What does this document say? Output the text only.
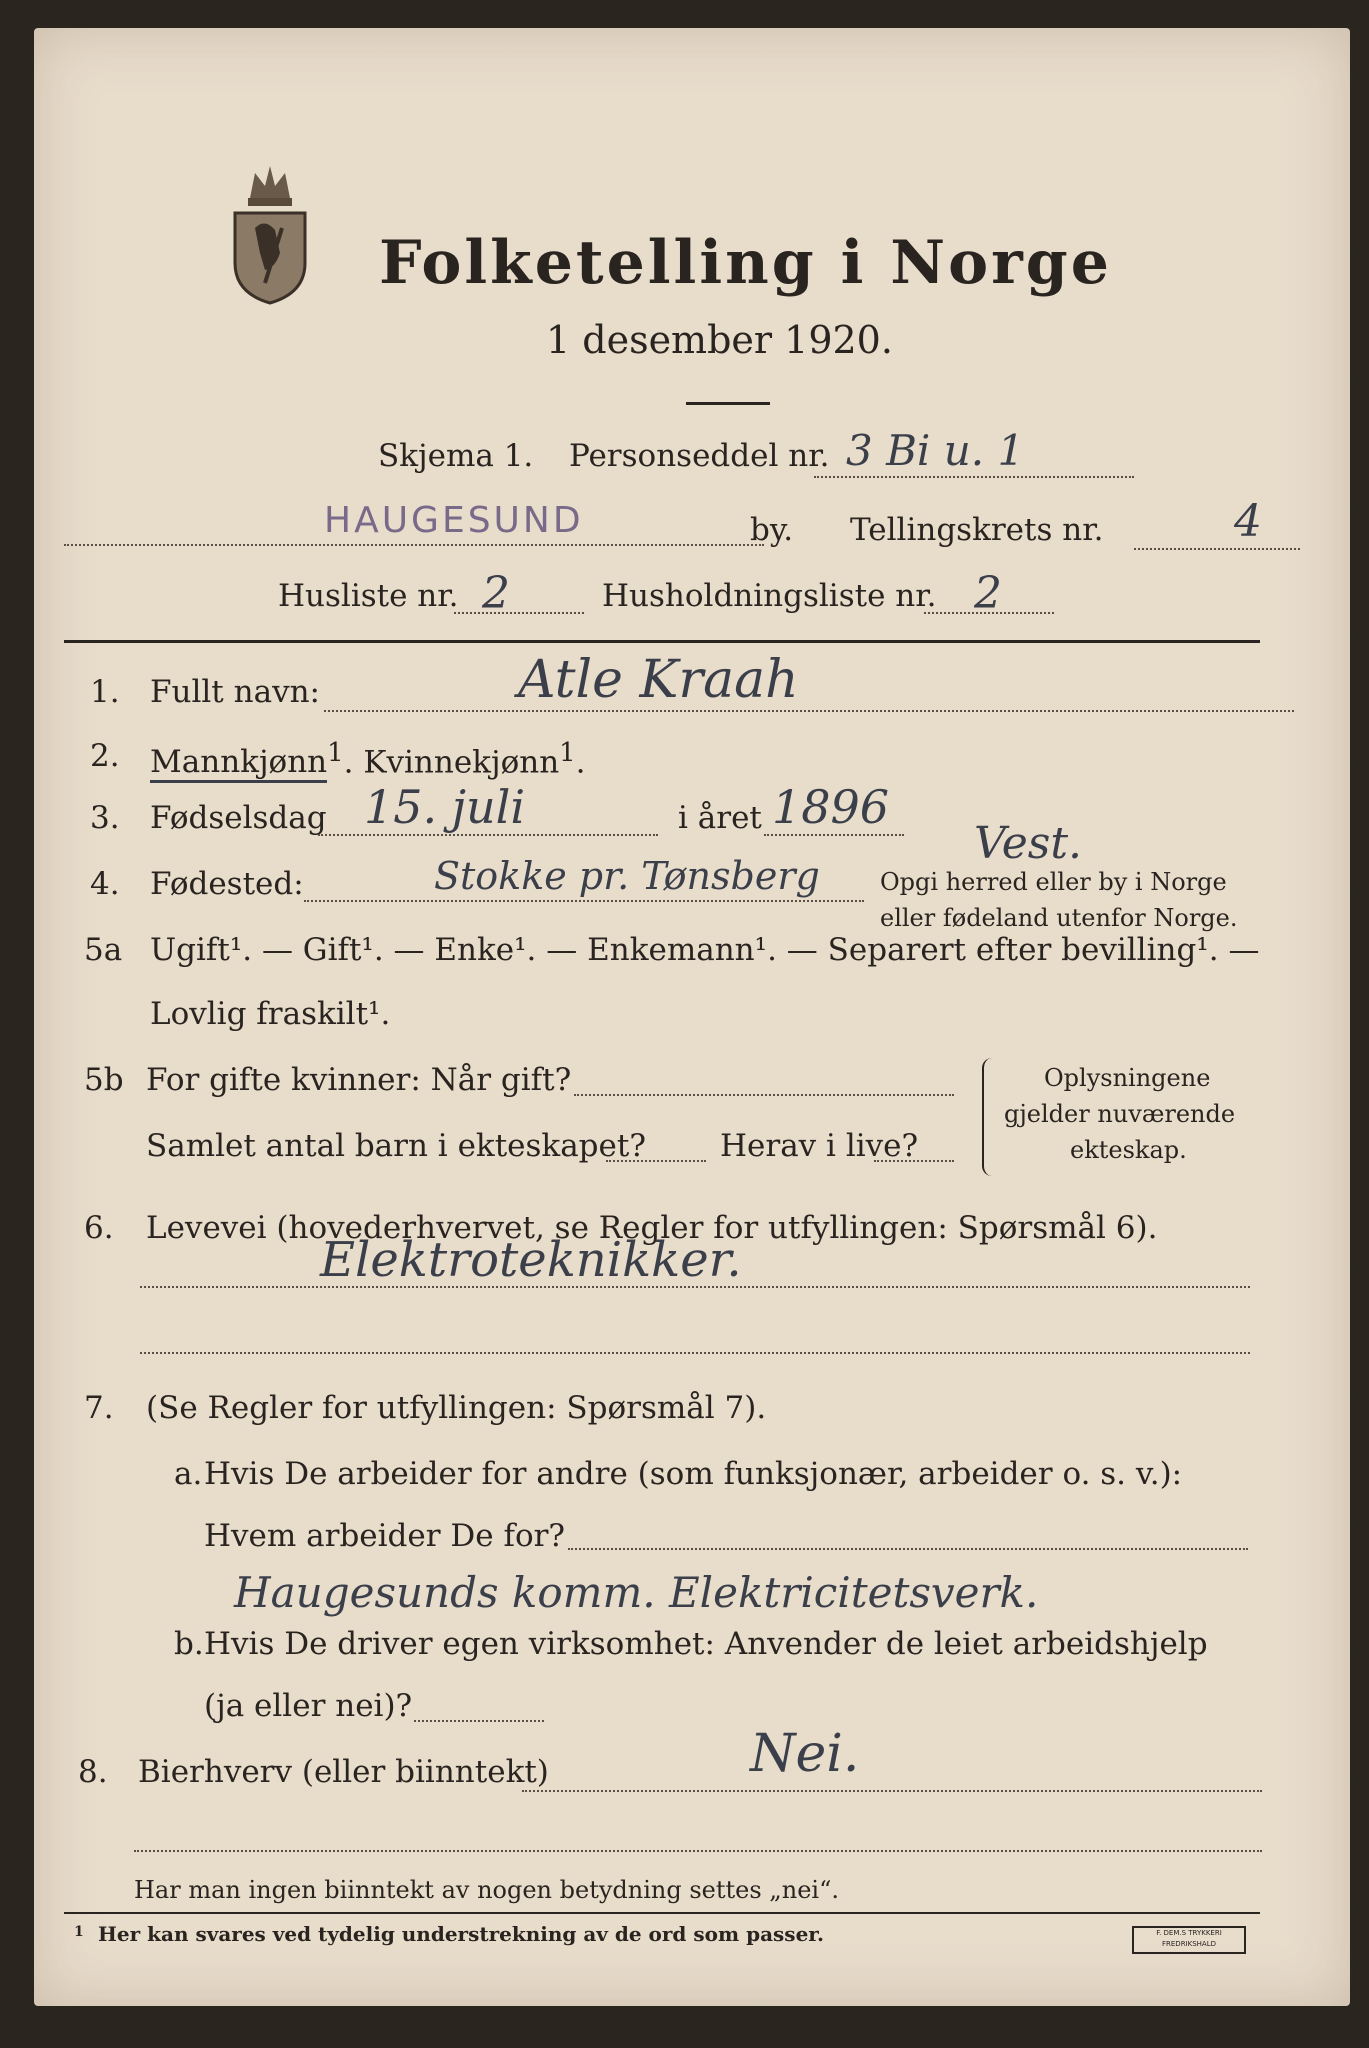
Folketelling i Norge
1 desember 1920.
Skjema 1. Personseddel nr. 3 Bi u. 1
HAUGESUND	by. Tellingskrets nr.	4
Husliste nr. 2	Husholdningsliste nr. 2
1. Fullt navn:	Atle Kraah
2. Mannkjønn$^1$. Kvinnekjønn$^1$.
3. Fødselsdag 15. juli	i året 1896
Vest.
4. Fødested:	Stokke pr. Tønsberg	Opgi herred eller by i Norge
eller fødeland utenfor Norge.
5a Ugift¹. — Gift¹. — Enke¹. — Enkemann¹. — Separert efter bevilling¹. —
Lovlig fraskilt¹.
5b For gifte kvinner: Når gift?
Samlet antal barn i ekteskapet? Herav i live?
Oplysningene
gjelder nuværende
ekteskap.
6. Levevei (hovederhvervet, se Regler for utfyllingen: Spørsmål 6).
Elektroteknikker.
7. (Se Regler for utfyllingen: Spørsmål 7).
a. Hvis De arbeider for andre (som funksjonær, arbeider o. s. v.):
Hvem arbeider De for?
Haugesunds komm. Elektricitetsverk.
b. Hvis De driver egen virksomhet: Anvender de leiet arbeidshjelp
(ja eller nei)?
8. Bierhverv (eller biinntekt)	Nei.
Har man ingen biinntekt av nogen betydning settes „nei“.
1 Her kan svares ved tydelig understrekning av de ord som passer.	F. DEM.S TRYKKERI FREDRIKSHALD
